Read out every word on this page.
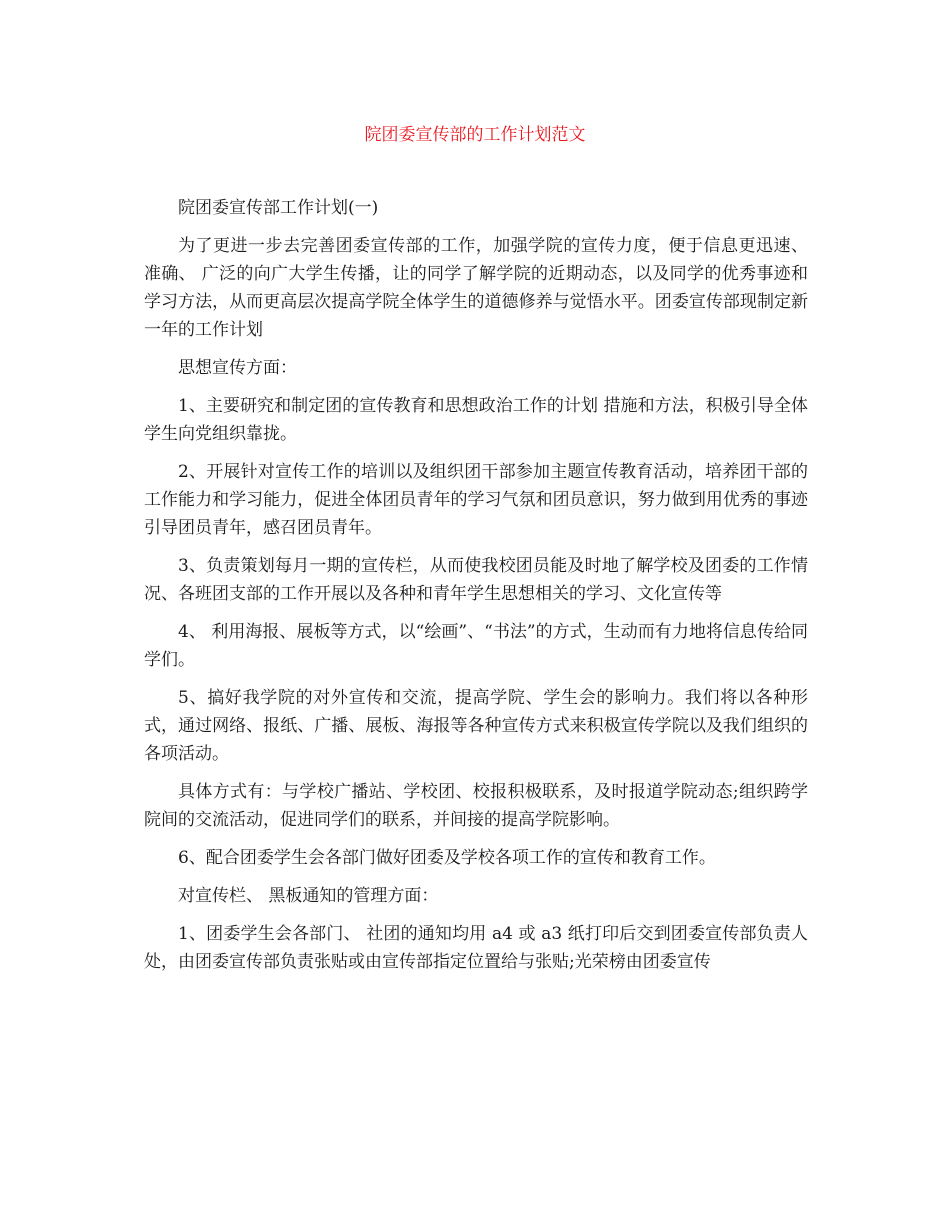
院团委宣传部的工作计划范文

院团委宣传部工作计划(一)

为了更进一步去完善团委宣传部的工作，加强学院的宣传力度，便于信息更迅速、 准确、 广泛的向广大学生传播，让的同学了解学院的近期动态，以及同学的优秀事迹和学习方法，从而更高层次提高学院全体学生的道德修养与觉悟水平。团委宣传部现制定新一年的工作计划

思想宣传方面：

1、主要研究和制定团的宣传教育和思想政治工作的计划 措施和方法，积极引导全体学生向党组织靠拢。

2、开展针对宣传工作的培训以及组织团干部参加主题宣传教育活动，培养团干部的工作能力和学习能力，促进全体团员青年的学习气氛和团员意识，努力做到用优秀的事迹引导团员青年，感召团员青年。

3、负责策划每月一期的宣传栏，从而使我校团员能及时地了解学校及团委的工作情况、各班团支部的工作开展以及各种和青年学生思想相关的学习、文化宣传等

4、 利用海报、展板等方式，以“绘画”、“书法”的方式，生动而有力地将信息传给同学们。

5、搞好我学院的对外宣传和交流，提高学院、学生会的影响力。我们将以各种形式，通过网络、报纸、广播、展板、海报等各种宣传方式来积极宣传学院以及我们组织的各项活动。

具体方式有：与学校广播站、学校团、校报积极联系，及时报道学院动态;组织跨学院间的交流活动，促进同学们的联系，并间接的提高学院影响。

6、配合团委学生会各部门做好团委及学校各项工作的宣传和教育工作。

对宣传栏、 黑板通知的管理方面：

1、团委学生会各部门、 社团的通知均用 a4 或 a3 纸打印后交到团委宣传部负责人处，由团委宣传部负责张贴或由宣传部指定位置给与张贴;光荣榜由团委宣传
